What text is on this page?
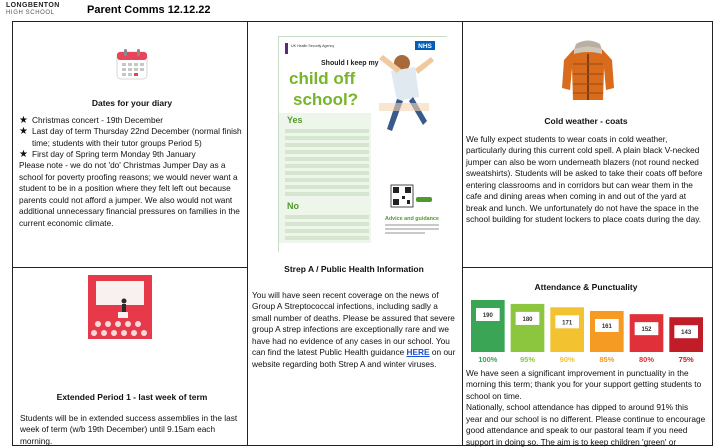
LONGBENTON
HIGH SCHOOL	Parent Comms 12.12.22
Dates for your diary
★ Christmas concert - 19th December
★ Last day of term Thursday 22nd December (normal finish time; students with their tutor groups Period 5)
★ First day of Spring term Monday 9th January

Please note - we do not 'do' Christmas Jumper Day as a school for poverty proofing reasons; we would never want a student to be in a position where they felt left out because parents could not afford a jumper. We also would not want additional unnecessary financial pressures on families in the current economic climate.

UK Health Security Agency	NHS
Should I keep my
child off
school?
Yes
No
Advice and guidance
Strep A / Public Health Information

You will have seen recent coverage on the news of Group A Streptococcal infections, including sadly a small number of deaths. Please be assured that severe group A strep infections are exceptionally rare and we have had no evidence of any cases in our school. You can find the latest Public Health guidance HERE on our website regarding both Strep A and winter viruses.

Cold weather - coats

We fully expect students to wear coats in cold weather, particularly during this current cold spell. A plain black V-necked jumper can also be worn underneath blazers (not round necked sweatshirts). Students will be asked to take their coats off before entering classrooms and in corridors but can wear them in the cafe and dining areas when coming in and out of the yard at break and lunch. We unfortunately do not have the space in the school building for student lockers to place coats during the day.

Extended Period 1 - last week of term

Students will be in extended success assemblies in the last week of term (w/b 19th December) until 9.15am each morning.

Attendance & Punctuality
190
100%
180
95%
171
90%
161
85%
152
80%
143
75%

We have seen a significant improvement in punctuality in the morning this term; thank you for your support getting students to school on time.

Nationally, school attendance has dipped to around 91% this year and our school is no different. Please continue to encourage good attendance and speak to our pastoral team if you need support in doing so. The aim is to keep children 'green' or
